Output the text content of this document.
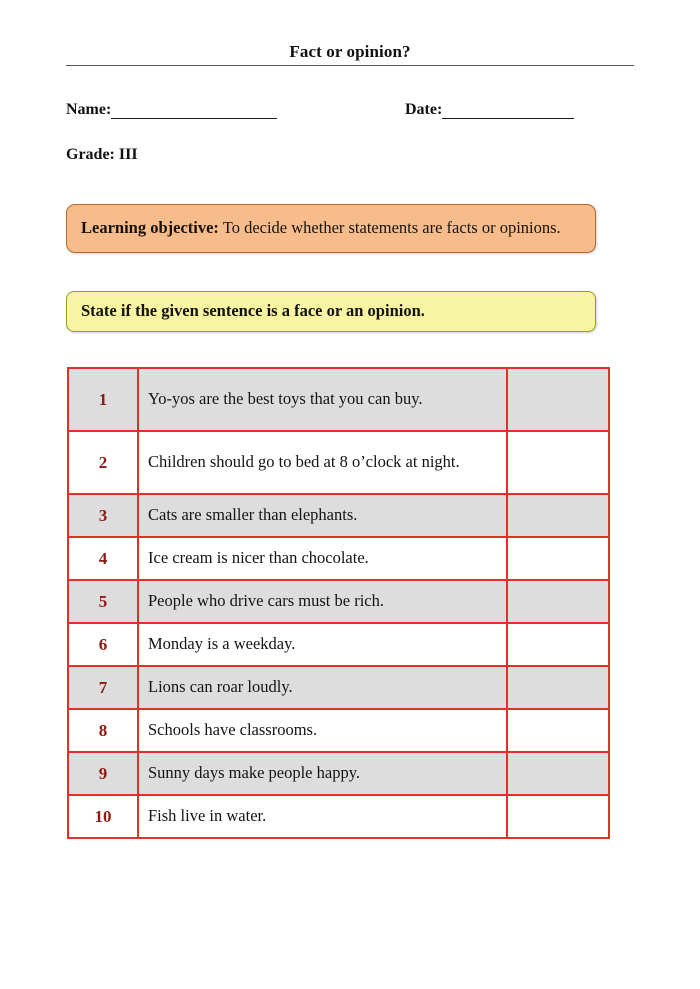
Fact or opinion?
Name:	Date:
Grade: III
Learning objective: To decide whether statements are facts or opinions.
State if the given sentence is a face or an opinion.
1	Yo-yos are the best toys that you can buy.	
2	Children should go to bed at 8 o’clock at night.	
3	Cats are smaller than elephants.	
4	Ice cream is nicer than chocolate.	
5	People who drive cars must be rich.	
6	Monday is a weekday.	
7	Lions can roar loudly.	
8	Schools have classrooms.	
9	Sunny days make people happy.	
10	Fish live in water.	
